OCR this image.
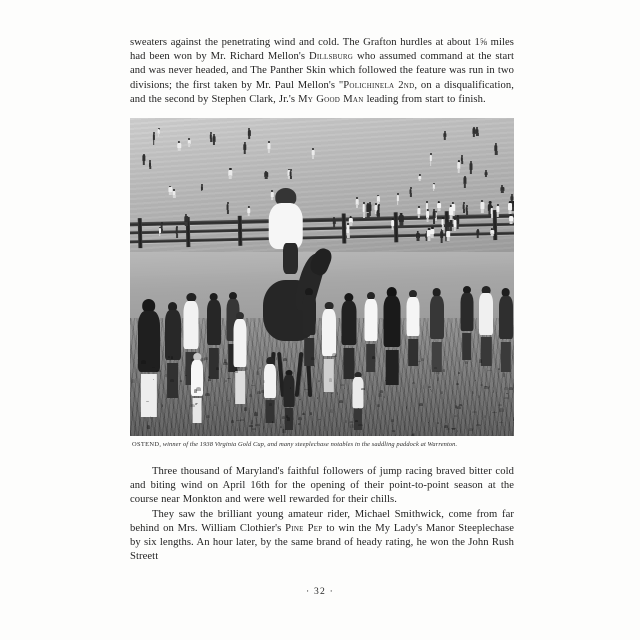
sweaters against the penetrating wind and cold. The Grafton hurdles at about 1⅝ miles had been won by Mr. Richard Mellon's Dillsburg who assumed command at the start and was never headed, and The Panther Skin which followed the feature was run in two divisions; the first taken by Mr. Paul Mellon's "Polichinela 2nd, on a disqualification, and the second by Stephen Clark, Jr.'s My Good Man leading from start to finish.

OSTEND, winner of the 1938 Virginia Gold Cup, and many steeplechase notables in the saddling paddock at Warrenton.

Three thousand of Maryland's faithful followers of jump racing braved bitter cold and biting wind on April 16th for the opening of their point-to-point season at the course near Monkton and were well rewarded for their chills.

They saw the brilliant young amateur rider, Michael Smithwick, come from far behind on Mrs. William Clothier's Pine Pep to win the My Lady's Manor Steeplechase by six lengths. An hour later, by the same brand of heady rating, he won the John Rush Streett

· 32 ·
